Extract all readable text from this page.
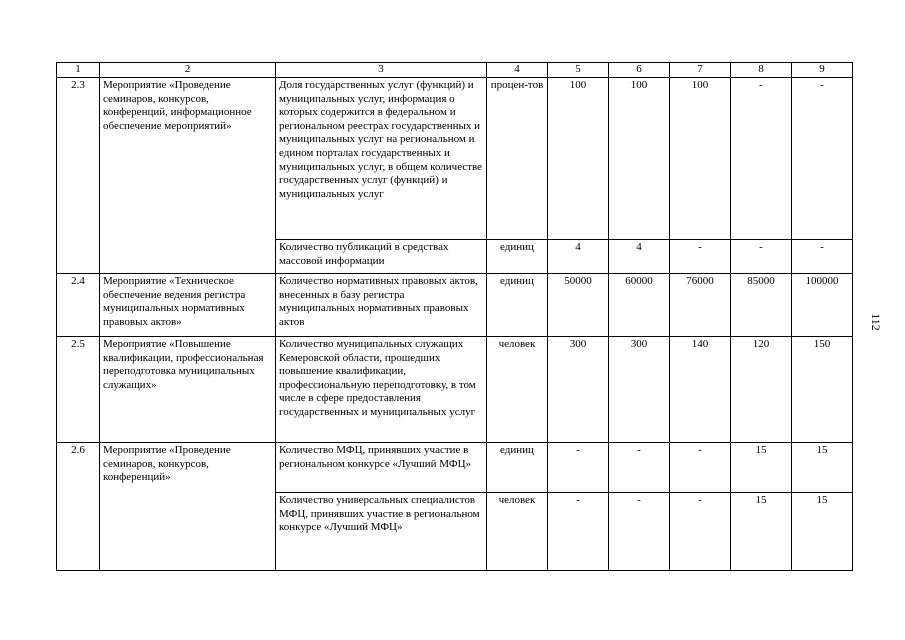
1	2	3	4	5	6	7	8	9
2.3	Мероприятие «Проведение семинаров, конкурсов, конференций, информационное обеспечение мероприятий»	Доля государственных услуг (функций) и муниципальных услуг, информация о которых содержится в федеральном и региональном реестрах государственных и муниципальных услуг на региональном и едином порталах государственных и муниципальных услуг, в общем количестве государственных услуг (функций) и муниципальных услуг	процен-тов	100	100	100	-	-
		Количество публикаций в средствах массовой информации	единиц	4	4	-	-	-
2.4	Мероприятие «Техническое обеспечение ведения регистра муниципальных нормативных правовых актов»	Количество нормативных правовых актов, внесенных в базу регистра муниципальных нормативных правовых актов	единиц	50000	60000	76000	85000	100000
2.5	Мероприятие «Повышение квалификации, профессиональная переподготовка муниципальных служащих»	Количество муниципальных служащих Кемеровской области, прошедших повышение квалификации, профессиональную переподготовку, в том числе в сфере предоставления государственных и муниципальных услуг	человек	300	300	140	120	150
2.6	Мероприятие «Проведение семинаров, конкурсов, конференций»	Количество МФЦ, принявших участие в региональном конкурсе «Лучший МФЦ»	единиц	-	-	-	15	15
		Количество универсальных специалистов МФЦ, принявших участие в региональном конкурсе «Лучший МФЦ»	человек	-	-	-	15	15
112
